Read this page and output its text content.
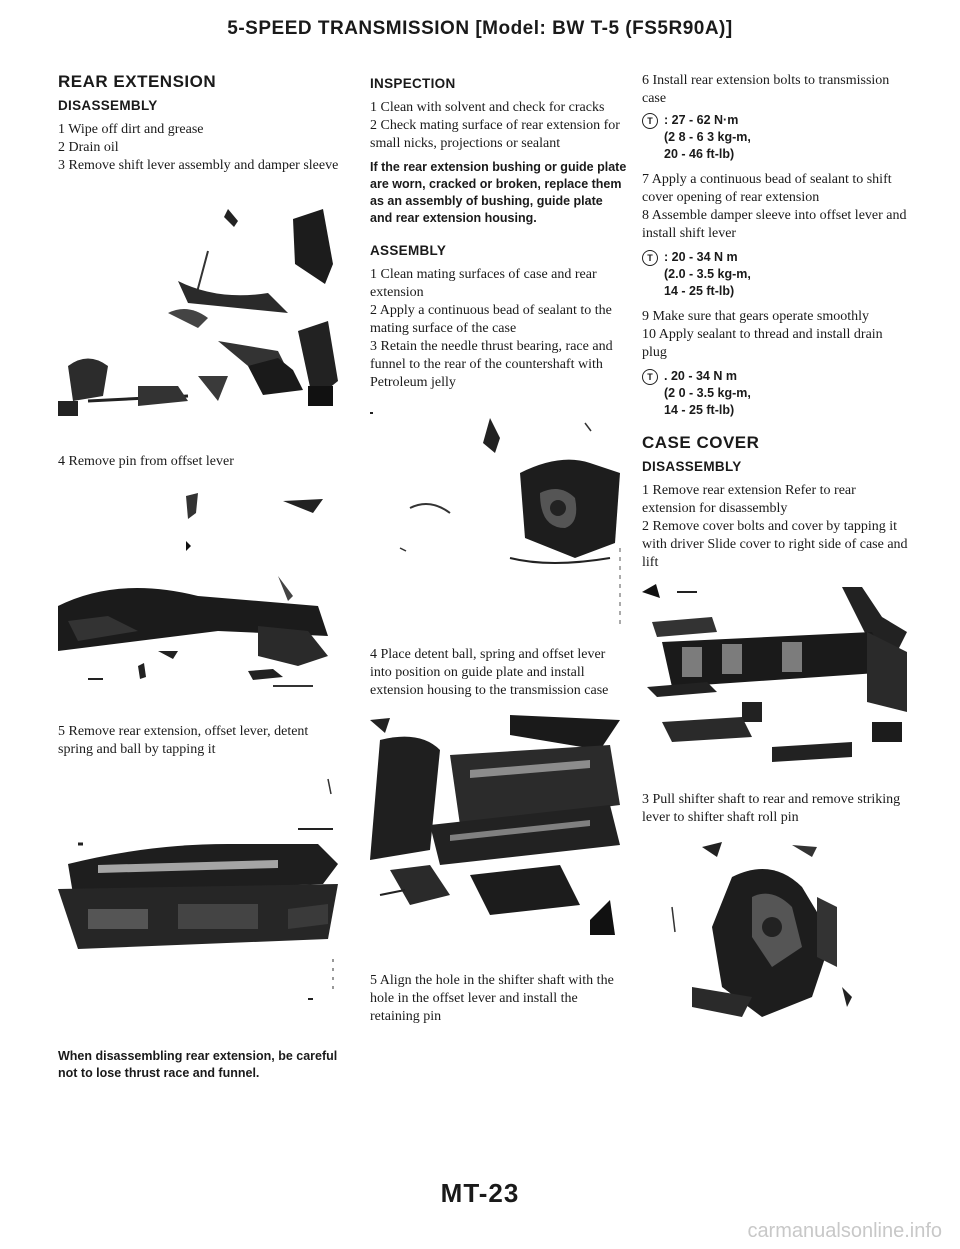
5-SPEED TRANSMISSION [Model: BW T-5 (FS5R90A)]
REAR EXTENSION
DISASSEMBLY

1 Wipe off dirt and grease

2 Drain oil

3 Remove shift lever assembly and damper sleeve

4 Remove pin from offset lever

5 Remove rear extension, offset lever, detent spring and ball by tapping it

When disassembling rear extension, be careful not to lose thrust race and funnel.
INSPECTION

1 Clean with solvent and check for cracks

2 Check mating surface of rear extension for small nicks, projections or sealant

If the rear extension bushing or guide plate are worn, cracked or broken, replace them as an assembly of bushing, guide plate and rear extension housing.
ASSEMBLY

1 Clean mating surfaces of case and rear extension

2 Apply a continuous bead of sealant to the mating surface of the case

3 Retain the needle thrust bearing, race and funnel to the rear of the countershaft with Petroleum jelly

4 Place detent ball, spring and offset lever into position on guide plate and install extension housing to the transmission case

5 Align the hole in the shifter shaft with the hole in the offset lever and install the retaining pin

6 Install rear extension bolts to transmission case

T : 27 - 62 N·m
(2 8 - 6 3 kg-m,
20 - 46 ft-lb)

7 Apply a continuous bead of sealant to shift cover opening of rear extension

8 Assemble damper sleeve into offset lever and install shift lever

T : 20 - 34 N m
(2.0 - 3.5 kg-m,
14 - 25 ft-lb)

9 Make sure that gears operate smoothly

10 Apply sealant to thread and install drain plug

T . 20 - 34 N m
(2 0 - 3.5 kg-m,
14 - 25 ft-lb)
CASE COVER
DISASSEMBLY

1 Remove rear extension Refer to rear extension for disassembly

2 Remove cover bolts and cover by tapping it with driver Slide cover to right side of case and lift

3 Pull shifter shaft to rear and remove striking lever to shifter shaft roll pin

MT-23
carmanualsonline.info
